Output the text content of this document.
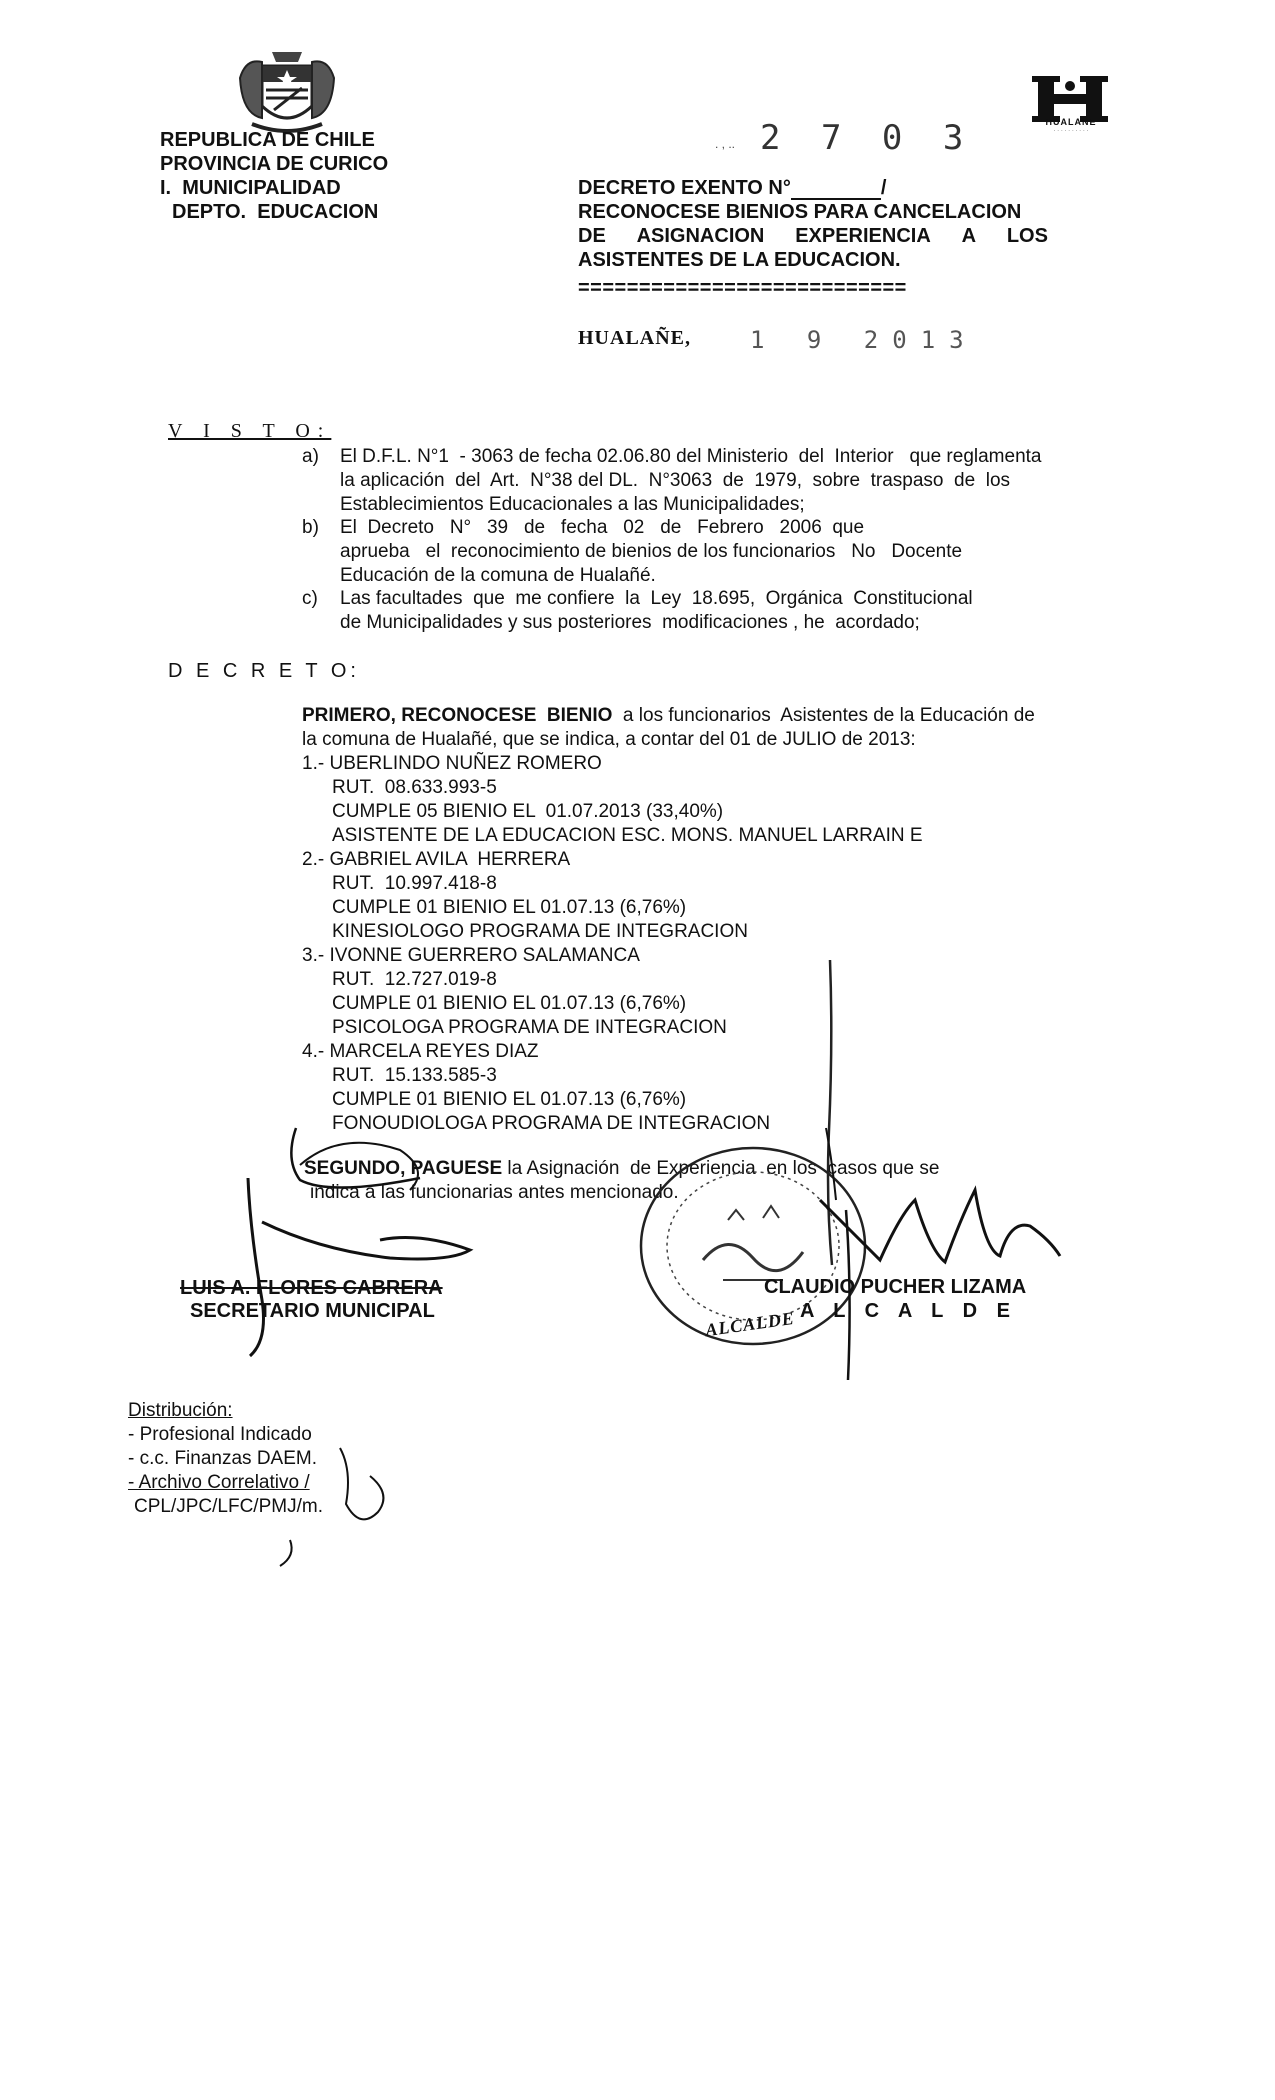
REPUBLICA DE CHILE
PROVINCIA DE CURICO
I.  MUNICIPALIDAD
DEPTO.  EDUCACION
. , .. 2 7 0 3	HUALAÑE
· · · · · · · · · ·
DECRETO EXENTO N°	/
RECONOCESE BIENIOS PARA CANCELACION
DE ASIGNACION EXPERIENCIA A LOS
ASISTENTES DE LA EDUCACION.
===========================
HUALAÑE, 1 9 2013
V I S T O:
a) El D.F.L. N°1  - 3063 de fecha 02.06.80 del Ministerio  del  Interior   que reglamenta

la aplicación  del  Art.  N°38 del DL.  N°3063  de  1979,  sobre  traspaso  de  los

Establecimientos Educacionales a las Municipalidades;

b) El  Decreto   N°   39   de   fecha   02   de   Febrero   2006  que

aprueba   el  reconocimiento de bienios de los funcionarios   No   Docente

Educación de la comuna de Hualañé.

c) Las facultades  que  me confiere  la  Ley  18.695,  Orgánica  Constitucional

de Municipalidades y sus posteriores  modificaciones , he  acordado;

D E C R E T O:

PRIMERO, RECONOCESE  BIENIO  a los funcionarios  Asistentes de la Educación de

la comuna de Hualañé, que se indica, a contar del 01 de JULIO de 2013:

1.- UBERLINDO NUÑEZ ROMERO
RUT.  08.633.993-5
CUMPLE 05 BIENIO EL  01.07.2013 (33,40%)
ASISTENTE DE LA EDUCACION ESC. MONS. MANUEL LARRAIN E
2.- GABRIEL AVILA  HERRERA
RUT.  10.997.418-8
CUMPLE 01 BIENIO EL 01.07.13 (6,76%)
KINESIOLOGO PROGRAMA DE INTEGRACION
3.- IVONNE GUERRERO SALAMANCA
RUT.  12.727.019-8
CUMPLE 01 BIENIO EL 01.07.13 (6,76%)
PSICOLOGA PROGRAMA DE INTEGRACION
4.- MARCELA REYES DIAZ
RUT.  15.133.585-3
CUMPLE 01 BIENIO EL 01.07.13 (6,76%)
FONOUDIOLOGA PROGRAMA DE INTEGRACION
SEGUNDO, PAGUESE la Asignación  de Experiencia  en los  casos que se
indica a las funcionarias antes mencionado.
ALCALDE
LUIS A. FLORES CABRERA
SECRETARIO MUNICIPAL
CLAUDIO PUCHER LIZAMA
A L C A L D E
Distribución:
- Profesional Indicado
- c.c. Finanzas DAEM.
- Archivo Correlativo /
CPL/JPC/LFC/PMJ/m.
